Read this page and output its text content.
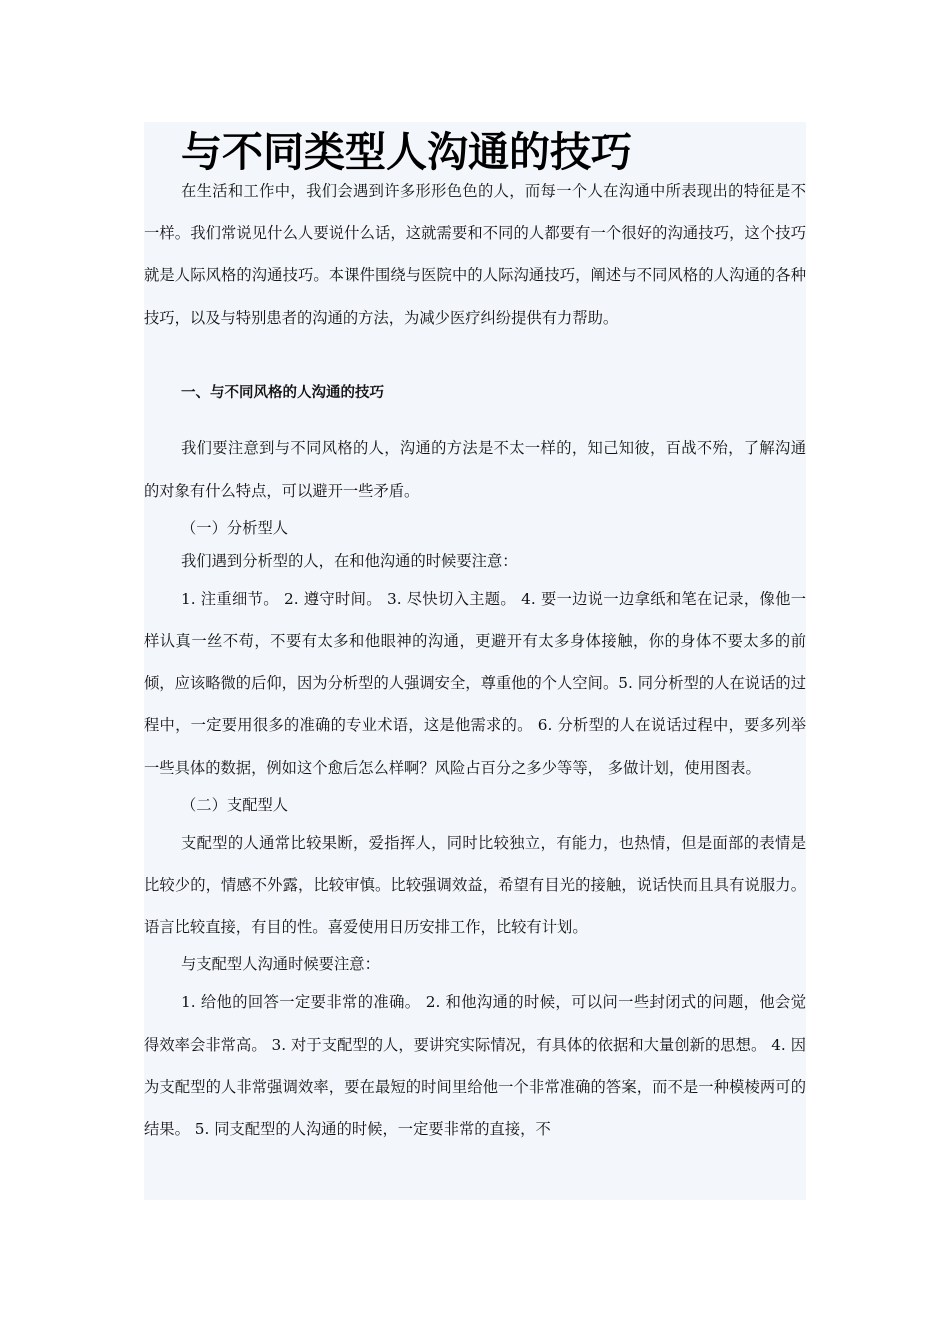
与不同类型人沟通的技巧

在生活和工作中，我们会遇到许多形形色色的人，而每一个人在沟通中所表现出的特征是不一样。我们常说见什么人要说什么话，这就需要和不同的人都要有一个很好的沟通技巧，这个技巧就是人际风格的沟通技巧。本课件围绕与医院中的人际沟通技巧，阐述与不同风格的人沟通的各种技巧，以及与特别患者的沟通的方法，为减少医疗纠纷提供有力帮助。

一、与不同风格的人沟通的技巧

我们要注意到与不同风格的人，沟通的方法是不太一样的，知己知彼，百战不殆，了解沟通的对象有什么特点，可以避开一些矛盾。

（一）分析型人

我们遇到分析型的人，在和他沟通的时候要注意：

1. 注重细节。 2. 遵守时间。 3. 尽快切入主题。 4. 要一边说一边拿纸和笔在记录，像他一样认真一丝不苟，不要有太多和他眼神的沟通，更避开有太多身体接触，你的身体不要太多的前倾，应该略微的后仰，因为分析型的人强调安全，尊重他的个人空间。5. 同分析型的人在说话的过程中，一定要用很多的准确的专业术语，这是他需求的。 6. 分析型的人在说话过程中，要多列举一些具体的数据，例如这个愈后怎么样啊？风险占百分之多少等等， 多做计划，使用图表。

（二）支配型人

支配型的人通常比较果断，爱指挥人，同时比较独立，有能力，也热情，但是面部的表情是比较少的，情感不外露，比较审慎。比较强调效益，希望有目光的接触，说话快而且具有说服力。语言比较直接，有目的性。喜爱使用日历安排工作，比较有计划。

与支配型人沟通时候要注意：

1. 给他的回答一定要非常的准确。 2. 和他沟通的时候，可以问一些封闭式的问题，他会觉得效率会非常高。 3. 对于支配型的人，要讲究实际情况，有具体的依据和大量创新的思想。 4. 因为支配型的人非常强调效率，要在最短的时间里给他一个非常准确的答案，而不是一种模棱两可的结果。 5. 同支配型的人沟通的时候，一定要非常的直接，不
